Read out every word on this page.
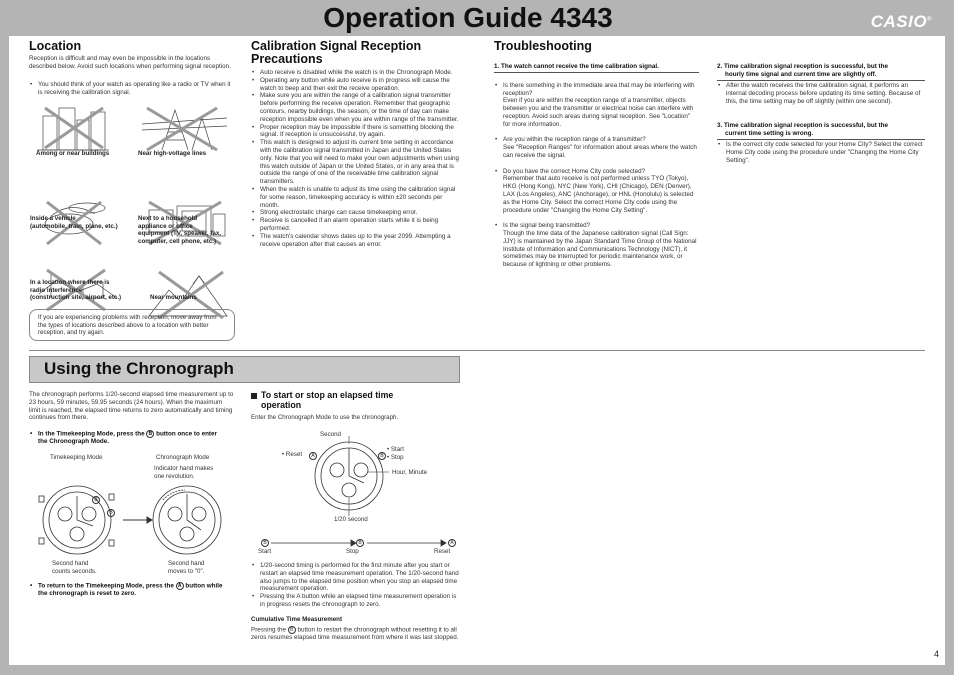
Operation Guide 4343	CASIO®
Location
Reception is difficult and may even be impossible in the locations described below. Avoid such locations when performing signal reception.
• You should think of your watch as operating like a radio or TV when it is receiving the calibration signal.
Among or near buildings	Near high-voltage lines
Inside a vehicle
(automobile, train, plane, etc.)
Next to a household
appliance or office
equipment (TV, speaker, fax,
computer, cell phone, etc.)
In a location where there is
radio interference
(construction site, airport, etc.)	Near mountains
If you are experiencing problems with reception, move away from the types of locations described above to a location with better reception, and try again.
Calibration Signal Reception
Precautions
• Auto receive is disabled while the watch is in the Chronograph Mode.
• Operating any button while auto receive is in progress will cause the watch to beep and then exit the receive operation.
• Make sure you are within the range of a calibration signal transmitter before performing the receive operation. Remember that geographic contours, nearby buildings, the season, or the time of day can make reception impossible even when you are within range of the transmitter.
• Proper reception may be impossible if there is something blocking the signal. If reception is unsuccessful, try again.
• This watch is designed to adjust its current time setting in accordance with the calibration signal transmitted in Japan and the United States only. Note that you will need to make your own adjustments when using this watch outside of Japan or the United States, or in any area that is outside the range of one of the receivable time calibration signal transmitters.
• When the watch is unable to adjust its time using the calibration signal for some reason, timekeeping accuracy is within ±20 seconds per month.
• Strong electrostatic charge can cause timekeeping error.
• Receive is cancelled if an alarm operation starts while it is being performed.
• The watch's calendar shows dates up to the year 2099. Attempting a receive operation after that causes an error.
Troubleshooting
1. The watch cannot receive the time calibration signal.

• Is there something in the immediate area that may be interfering with reception?
Even if you are within the reception range of a transmitter, objects between you and the transmitter or electrical noise can interfere with reception. Avoid such areas during signal reception. See "Location" for more information.

• Are you within the reception range of a transmitter?
See "Reception Ranges" for information about areas where the watch can receive the signal.

• Do you have the correct Home City code selected?
Remember that auto receive is not performed unless TYO (Tokyo), HKG (Hong Kong), NYC (New York), CHI (Chicago), DEN (Denver), LAX (Los Angeles), ANC (Anchorage), or HNL (Honolulu) is selected as the Home City. Select the correct Home City code using the procedure under "Changing the Home City Setting".

• Is the signal being transmitted?
Though the time data of the Japanese calibration signal (Call Sign: JJY) is maintained by the Japan Standard Time Group of the National Institute of Information and Communications Technology (NICT), it sometimes may be interrupted for periodic maintenance work, or because of lightning or other problems.

2. Time calibration signal reception is successful, but the
hourly time signal and current time are slightly off.
• After the watch receives the time calibration signal, it performs an internal decoding process before updating its time setting. Because of this, the time setting may be off slightly (within one second).
3. Time calibration signal reception is successful, but the
current time setting is wrong.
• Is the correct city code selected for your Home City? Select the correct Home City code using the procedure under "Changing the Home City Setting".
Using the Chronograph
The chronograph performs 1/20-second elapsed time measurement up to 23 hours, 59 minutes, 59.95 seconds (24 hours). When the maximum limit is reached, the elapsed time returns to zero automatically and timing continues from there.
• In the Timekeeping Mode, press the B button once to enter
the Chronograph Mode.
Timekeeping Mode	Chronograph Mode
Indicator hand makes
one revolution.
B
B
Second hand
counts seconds.
Second hand
moves to "0".
• To return to the Timekeeping Mode, press the A button while
the chronograph is reset to zero.
To start or stop an elapsed time
operation
Enter the Chronograph Mode to use the chronograph.
Second
• Reset
• Start
• Stop
Hour, Minute
1/20 second
A	B
B	B	A
Start	Stop	Reset
• 1/20-second timing is performed for the first minute after you start or restart an elapsed time measurement operation. The 1/20-second hand also jumps to the elapsed time position when you stop an elapsed time measurement operation.
• Pressing the A button while an elapsed time measurement operation is in progress resets the chronograph to zero.
Cumulative Time Measurement
Pressing the B button to restart the chronograph without resetting it to all zeros resumes elapsed time measurement from where it was last stopped.
4
